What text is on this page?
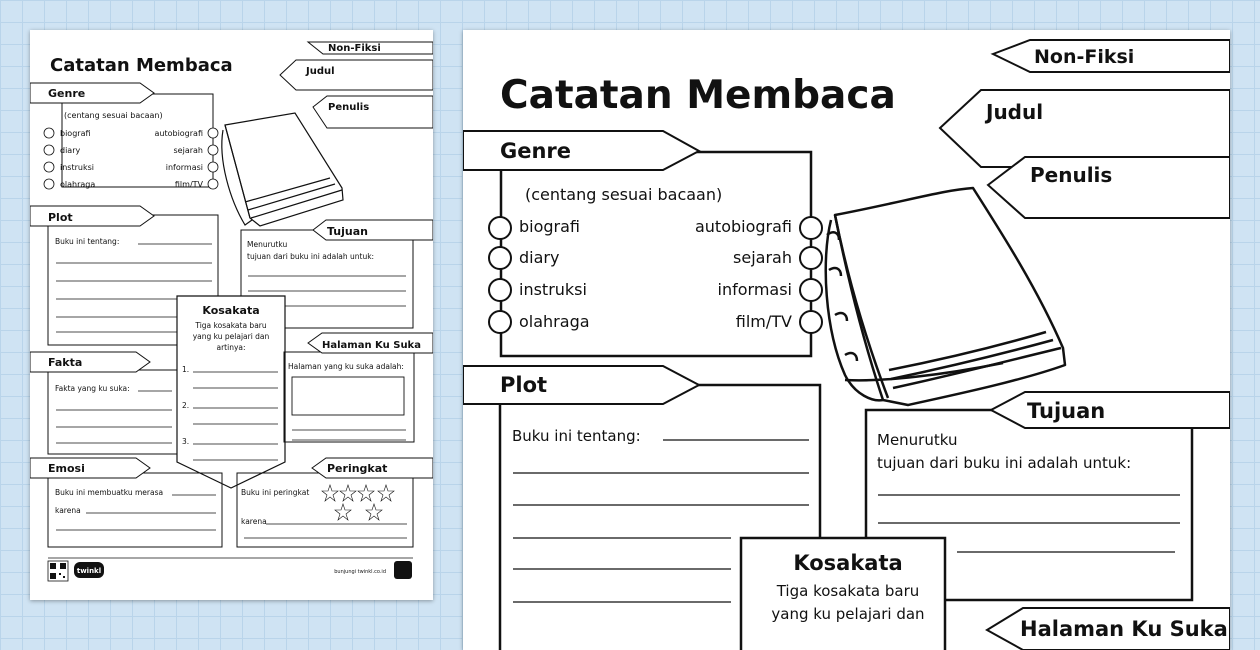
Catatan Membaca
Non-Fiksi
Judul
Penulis
Genre
(centang sesuai bacaan)
biografi
diary
instruksi
olahraga
autobiografi
sejarah
informasi
film/TV
Plot
Buku ini tentang:
Tujuan
Menurutku
tujuan dari buku ini adalah untuk:
Fakta
Fakta yang ku suka:
Kosakata
Tiga kosakata baru
yang ku pelajari dan
artinya:
1.
2.
3.
Halaman Ku Suka
Halaman yang ku suka adalah:
Emosi
Buku ini membuatku merasa
karena
Peringkat
Buku ini peringkat
karena
twinkl	bunjungi twinkl.co.id
Catatan Membaca
Non-Fiksi
Judul
Penulis
Genre
(centang sesuai bacaan)
biografi
diary
instruksi
olahraga
autobiografi
sejarah
informasi
film/TV
Plot
Buku ini tentang:
Tujuan
Menurutku
tujuan dari buku ini adalah untuk:
Kosakata
Tiga kosakata baru
yang ku pelajari dan
Halaman Ku Suka
